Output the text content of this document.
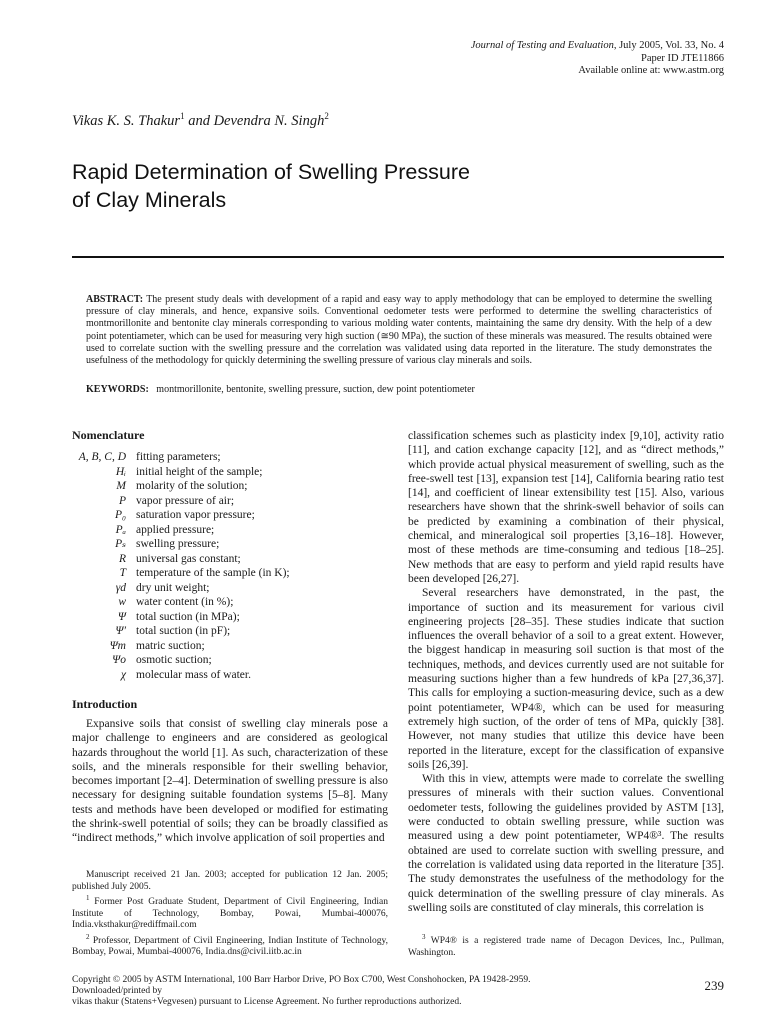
Journal of Testing and Evaluation, July 2005, Vol. 33, No. 4
Paper ID JTE11866
Available online at: www.astm.org
Vikas K. S. Thakur$^1$ and Devendra N. Singh$^2$
Rapid Determination of Swelling Pressure
of Clay Minerals
ABSTRACT: The present study deals with development of a rapid and easy way to apply methodology that can be employed to determine the swelling pressure of clay minerals, and hence, expansive soils. Conventional oedometer tests were performed to determine the swelling characteristics of montmorillonite and bentonite clay minerals corresponding to various molding water contents, maintaining the same dry density. With the help of a dew point potentiameter, which can be used for measuring very high suction (≅90 MPa), the suction of these minerals was measured. The results obtained were used to correlate suction with the swelling pressure and the correlation was validated using data reported in the literature. The study demonstrates the usefulness of the methodology for quickly determining the swelling pressure of various clay minerals and soils.
KEYWORDS: montmorillonite, bentonite, swelling pressure, suction, dew point potentiometer
Nomenclature
A, B, C, D fitting parameters;
Hᵢ initial height of the sample;
M molarity of the solution;
P vapor pressure of air;
P₀ saturation vapor pressure;
Pₐ applied pressure;
Pₛ swelling pressure;
R universal gas constant;
T temperature of the sample (in K);
γd dry unit weight;
w water content (in %);
Ψ total suction (in MPa);
Ψ′ total suction (in pF);
Ψm matric suction;
Ψo osmotic suction;
χ molecular mass of water.
Introduction
Expansive soils that consist of swelling clay minerals pose a major challenge to engineers and are considered as geological hazards throughout the world [1]. As such, characterization of these soils, and the minerals responsible for their swelling behavior, becomes important [2–4]. Determination of swelling pressure is also necessary for designing suitable foundation systems [5–8]. Many tests and methods have been developed or modified for estimating the shrink-swell potential of soils; they can be broadly classified as “indirect methods,” which involve application of soil properties and
Manuscript received 21 Jan. 2003; accepted for publication 12 Jan. 2005; published July 2005.
$^1$ Former Post Graduate Student, Department of Civil Engineering, Indian Institute of Technology, Bombay, Powai, Mumbai-400076, India.vksthakur@rediffmail.com
$^2$ Professor, Department of Civil Engineering, Indian Institute of Technology, Bombay, Powai, Mumbai-400076, India.dns@civil.iitb.ac.in
classification schemes such as plasticity index [9,10], activity ratio [11], and cation exchange capacity [12], and as “direct methods,” which provide actual physical measurement of swelling, such as the free-swell test [13], expansion test [14], California bearing ratio test [14], and coefficient of linear extensibility test [15]. Also, various researchers have shown that the shrink-swell behavior of soils can be predicted by examining a combination of their physical, chemical, and mineralogical soil properties [3,16–18]. However, most of these methods are time-consuming and tedious [18–25]. New methods that are easy to perform and yield rapid results have been developed [26,27].
Several researchers have demonstrated, in the past, the importance of suction and its measurement for various civil engineering projects [28–35]. These studies indicate that suction influences the overall behavior of a soil to a great extent. However, the biggest handicap in measuring soil suction is that most of the techniques, methods, and devices currently used are not suitable for measuring suctions higher than a few hundreds of kPa [27,36,37]. This calls for employing a suction-measuring device, such as a dew point potentiameter, WP4®, which can be used for measuring extremely high suction, of the order of tens of MPa, quickly [38]. However, not many studies that utilize this device have been reported in the literature, except for the classification of expansive soils [26,39].
With this in view, attempts were made to correlate the swelling pressures of minerals with their suction values. Conventional oedometer tests, following the guidelines provided by ASTM [13], were conducted to obtain swelling pressure, while suction was measured using a dew point potentiameter, WP4®³. The results obtained are used to correlate suction with swelling pressure, and the correlation is validated using data reported in the literature [35]. The study demonstrates the usefulness of the methodology for the quick determination of the swelling pressure of clay minerals. As swelling soils are constituted of clay minerals, this correlation is
$^3$ WP4® is a registered trade name of Decagon Devices, Inc., Pullman, Washington.
Copyright © 2005 by ASTM International, 100 Barr Harbor Drive, PO Box C700, West Conshohocken, PA 19428-2959.
Downloaded/printed by
vikas thakur (Statens+Vegvesen) pursuant to License Agreement. No further reproductions authorized.
239
